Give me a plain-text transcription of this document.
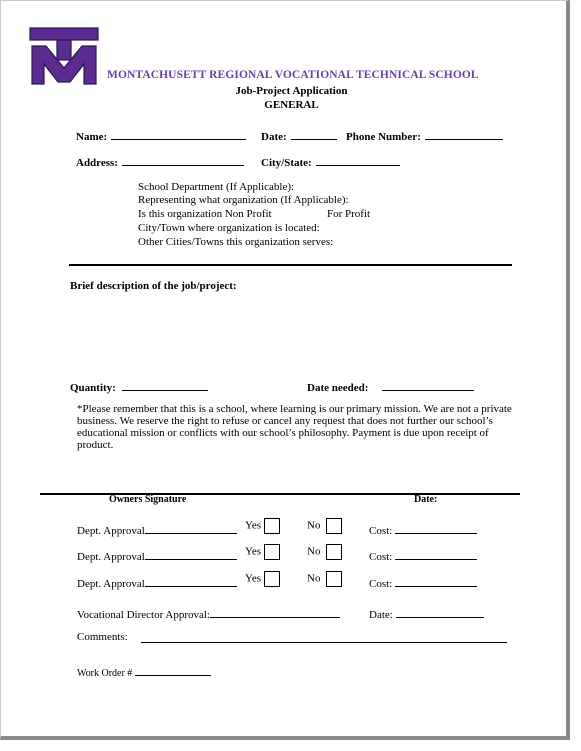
MONTACHUSETT REGIONAL VOCATIONAL TECHNICAL SCHOOL
Job-Project Application
GENERAL
Name:	Date:	Phone Number:
Address:	City/State:
School Department (If Applicable):
Representing what organization (If Applicable):
Is this organization Non Profit	For Profit
City/Town where organization is located:
Other Cities/Towns this organization serves:
Brief description of the job/project:
Quantity:	Date needed:
*Please remember that this is a school, where learning is our primary mission. We are not a private business. We reserve the right to refuse or cancel any request that does not further our school’s educational mission or conflicts with our school’s philosophy. Payment is due upon receipt of product.
Owners Signature	Date:
Dept. Approval	Yes	No	Cost:
Dept. Approval	Yes	No	Cost:
Dept. Approval	Yes	No	Cost:
Vocational Director Approval:	Date:
Comments:
Work Order #
